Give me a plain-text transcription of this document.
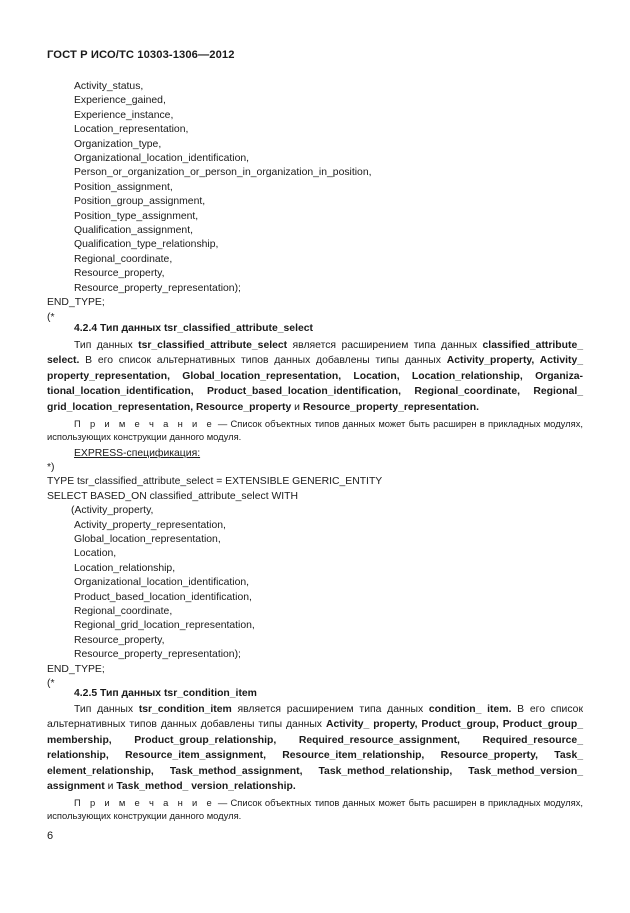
ГОСТ Р ИСО/ТС 10303-1306—2012
Activity_status,
Experience_gained,
Experience_instance,
Location_representation,
Organization_type,
Organizational_location_identification,
Person_or_organization_or_person_in_organization_in_position,
Position_assignment,
Position_group_assignment,
Position_type_assignment,
Qualification_assignment,
Qualification_type_relationship,
Regional_coordinate,
Resource_property,
Resource_property_representation);
END_TYPE;
(*
4.2.4 Тип данных tsr_classified_attribute_select

Тип данных tsr_classified_attribute_select является расширением типа данных classified_attribute_ select. В его список альтернативных типов данных добавлены типы данных Activity_property, Activity_ property_representation, Global_location_representation, Location, Location_relationship, Organiza- tional_location_identification, Product_based_location_identification, Regional_coordinate, Regional_ grid_location_representation, Resource_property и Resource_property_representation.

П р и м е ч а н и е — Список объектных типов данных может быть расширен в прикладных модулях, использующих конструкции данного модуля.

EXPRESS-спецификация:
*)
TYPE tsr_classified_attribute_select = EXTENSIBLE GENERIC_ENTITY
SELECT BASED_ON classified_attribute_select WITH
(Activity_property,
Activity_property_representation,
Global_location_representation,
Location,
Location_relationship,
Organizational_location_identification,
Product_based_location_identification,
Regional_coordinate,
Regional_grid_location_representation,
Resource_property,
Resource_property_representation);
END_TYPE;
(*
4.2.5 Тип данных tsr_condition_item

Тип данных tsr_condition_item является расширением типа данных condition_ item. В его список альтернативных типов данных добавлены типы данных Activity_ property, Product_group, Product_group_ membership, Product_group_relationship, Required_resource_assignment, Required_resource_ relationship, Resource_item_assignment, Resource_item_relationship, Resource_property, Task_ element_relationship, Task_method_assignment, Task_method_relationship, Task_method_version_ assignment и Task_method_ version_relationship.

П р и м е ч а н и е — Список объектных типов данных может быть расширен в прикладных модулях, использующих конструкции данного модуля.

6
